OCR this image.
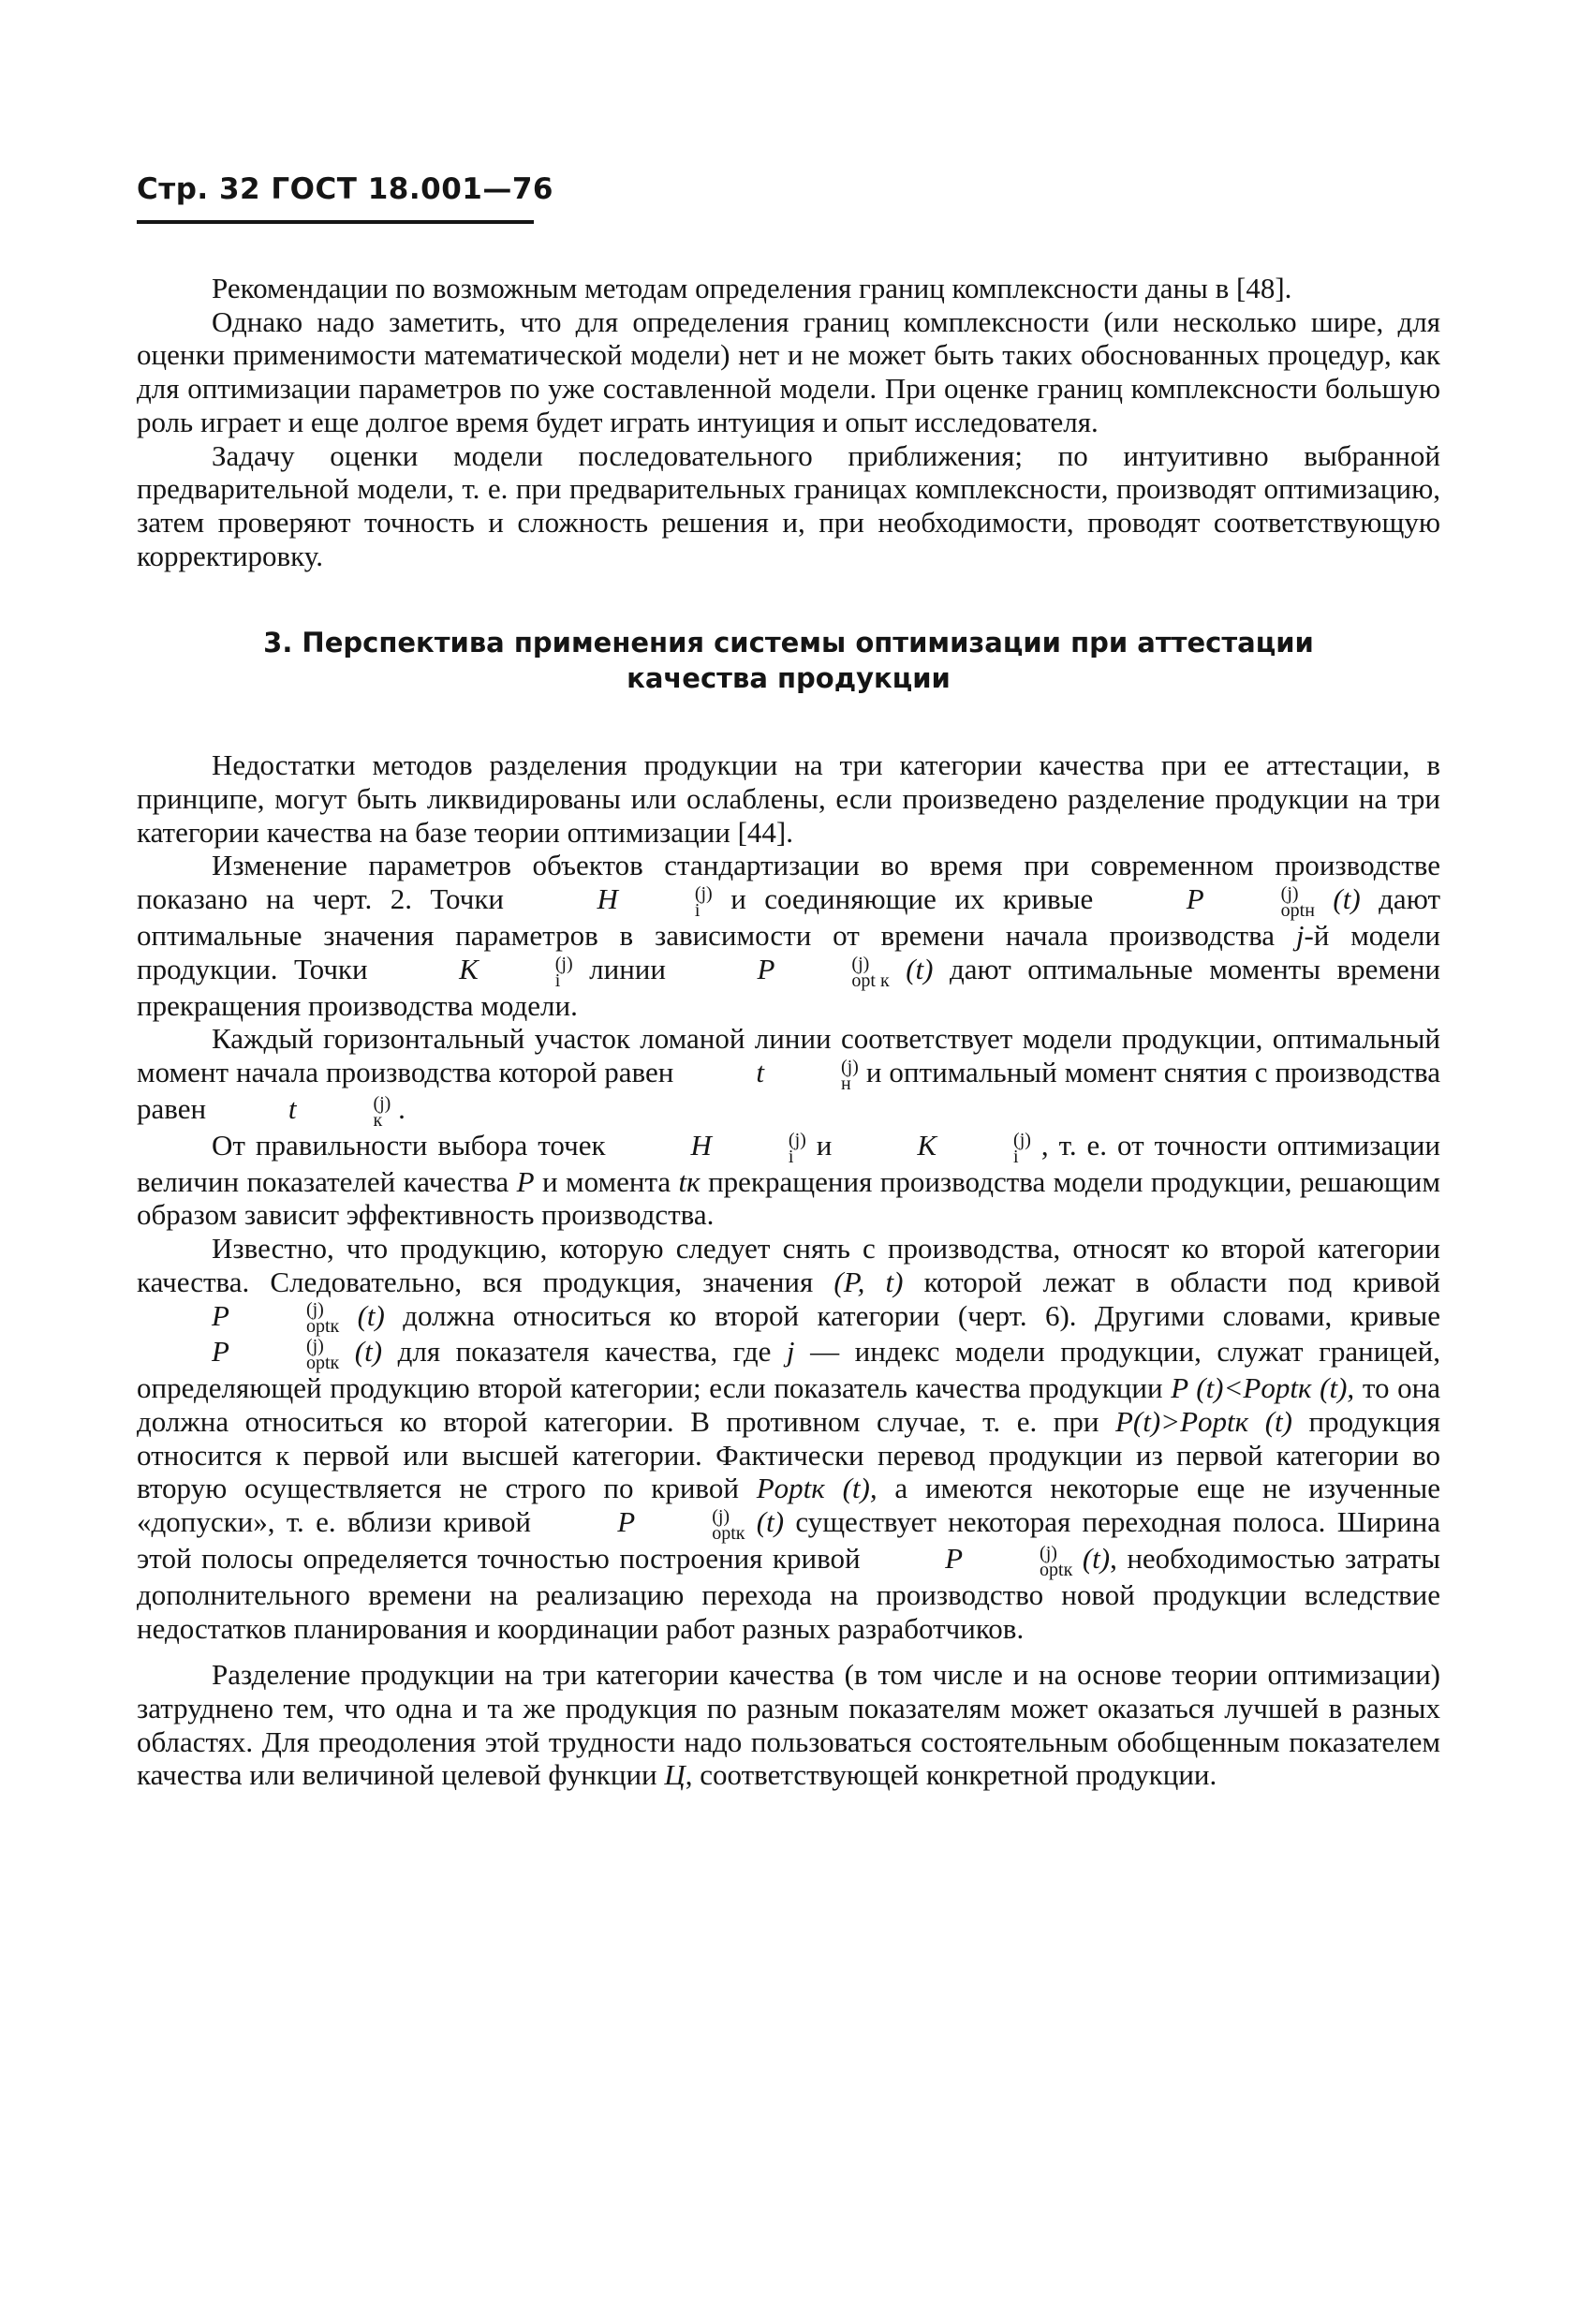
Стр. 32 ГОСТ 18.001—76

Рекомендации по возможным методам определения границ комплексности даны в [48].

Однако надо заметить, что для определения границ комплексности (или несколько шире, для оценки применимости математической модели) нет и не может быть таких обоснованных процедур, как для оптимизации параметров по уже составленной модели. При оценке границ комплексности большую роль играет и еще долгое время будет играть интуиция и опыт исследователя.

Задачу оценки модели последовательного приближения; по интуитивно выбранной предварительной модели, т. е. при предварительных границах комплексности, производят оптимизацию, затем проверяют точность и сложность решения и, при необходимости, проводят соответствующую корректировку.

3. Перспектива применения системы оптимизации при аттестации
качества продукции

Недостатки методов разделения продукции на три категории качества при ее аттестации, в принципе, могут быть ликвидированы или ослаблены, если произведено разделение продукции на три категории качества на базе теории оптимизации [44].

Изменение параметров объектов стандартизации во время при современном производстве показано на черт. 2. Точки	H	(j)
i и соединяющие их кривые	P	(j)
optн (t) дают оптимальные значения параметров в зависимости от времени начала производства j-й модели продукции. Точки	K	(j)
i линии	P	(j)
opt к (t) дают оптимальные моменты времени прекращения производства модели.

Каждый горизонтальный участок ломаной линии соответствует модели продукции, оптимальный момент начала производства которой равен	t	(j)
н и оптимальный момент снятия с производства равен	t	(j)
к .

От правильности выбора точек	H	(j)
i и	K	(j)
i , т. е. от точности оптимизации величин показателей качества P и момента tк прекращения производства модели продукции, решающим образом зависит эффективность производства.

Известно, что продукцию, которую следует снять с производства, относят ко второй категории качества. Следовательно, вся продукция, значения (P, t) которой лежат в области под кривой P	(j)
optк (t) должна относиться ко второй категории (черт. 6). Другими словами, кривые P	(j)
optк (t) для показателя качества, где j — индекс модели продукции, служат границей, определяющей продукцию второй категории; если показатель качества продукции P (t)<Poptк (t), то она должна относиться ко второй категории. В противном случае, т. е. при P(t)>Poptк (t) продукция относится к первой или высшей категории. Фактически перевод продукции из первой категории во вторую осуществляется не строго по кривой Poptк (t), а имеются некоторые еще не изученные «допуски», т. е. вблизи кривой	P	(j)
optк (t) существует некоторая переходная полоса. Ширина этой полосы определяется точностью построения кривой	P	(j)
optк (t), необходимостью затраты дополнительного времени на реализацию перехода на производство новой продукции вследствие недостатков планирования и координации работ разных разработчиков.

Разделение продукции на три категории качества (в том числе и на основе теории оптимизации) затруднено тем, что одна и та же продукция по разным показателям может оказаться лучшей в разных областях. Для преодоления этой трудности надо пользоваться состоятельным обобщенным показателем качества или величиной целевой функции Ц, соответствующей конкретной продукции.
